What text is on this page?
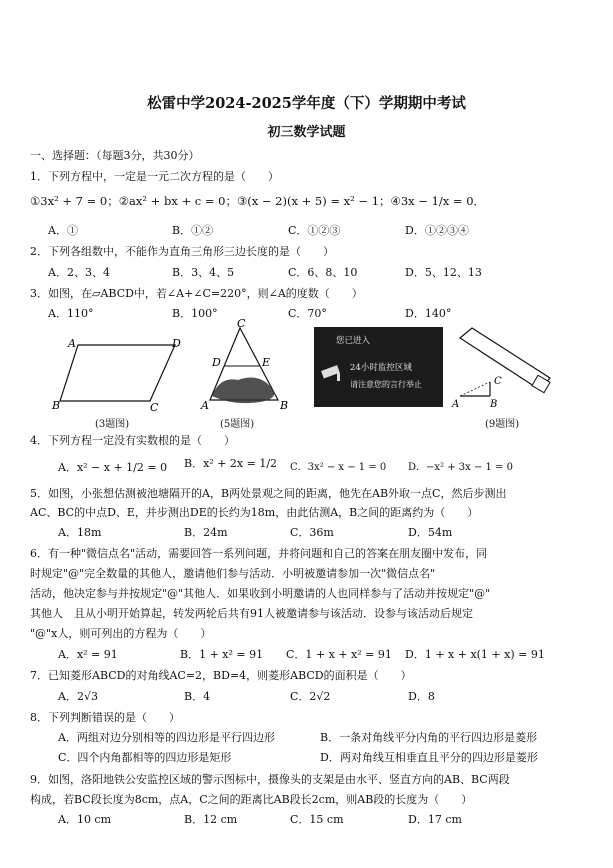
松雷中学2024-2025学年度（下）学期期中考试
初三数学试题
一、选择题：（每题3分，共30分）
1．下列方程中，一定是一元二次方程的是（　　）
①3x² + 7 = 0；②ax² + bx + c = 0；③(x − 2)(x + 5) = x² − 1；④3x − 1/x = 0．
A．①	B．①②	C．①②③	D．①②③④
2．下列各组数中，不能作为直角三角形三边长度的是（　　）
A．2、3、4	B．3、4、5	C．6、8、10	D．5、12、13
3．如图，在▱ABCD中，若∠A+∠C=220°，则∠A的度数（　　）
A．110°	B．100°	C．70°	D．140°
A	D
B	C
(3题图)
C
D	E
A	B
(5题图)
您已进入
24小时监控区域
请注意您的言行举止
A	B
C
(9题图)
4．下列方程一定没有实数根的是（　　）
A．x² − x + 1/2 = 0 B．x² + 2x = 1/2 C．3x² − x − 1 = 0 D．−x² + 3x − 1 = 0
5．如图，小张想估测被池塘隔开的A，B两处景观之间的距离，他先在AB外取一点C，然后步测出
AC、BC的中点D、E，并步测出DE的长约为18m，由此估测A，B之间的距离约为（　　）
A．18m	B．24m	C．36m	D．54m
6．有一种"微信点名"活动，需要回答一系列问题，并将问题和自己的答案在朋友圈中发布，同
时规定"@"完全数量的其他人，邀请他们参与活动．小明被邀请参加一次"微信点名"
活动，他决定参与并按规定"@"其他人．如果收到小明邀请的人也同样参与了活动并按规定"@"
其他人　且从小明开始算起，转发两轮后共有91人被邀请参与该活动．设参与该活动后规定
"@"x人，则可列出的方程为（　　）
A．x² = 91	B．1 + x² = 91 C．1 + x + x² = 91 D．1 + x + x(1 + x) = 91
7．已知菱形ABCD的对角线AC=2，BD=4，则菱形ABCD的面积是（　　）
A．2√3	B．4	C．2√2	D．8
8．下列判断错误的是（　　）
A．两组对边分别相等的四边形是平行四边形	B．一条对角线平分内角的平行四边形是菱形
C．四个内角都相等的四边形是矩形	D．两对角线互相垂直且平分的四边形是菱形
9．如图，洛阳地铁公安监控区域的警示图标中，摄像头的支架是由水平、竖直方向的AB、BC两段
构成，若BC段长度为8cm，点A，C之间的距离比AB段长2cm，则AB段的长度为（　　）
A．10 cm	B．12 cm	C．15 cm	D．17 cm
